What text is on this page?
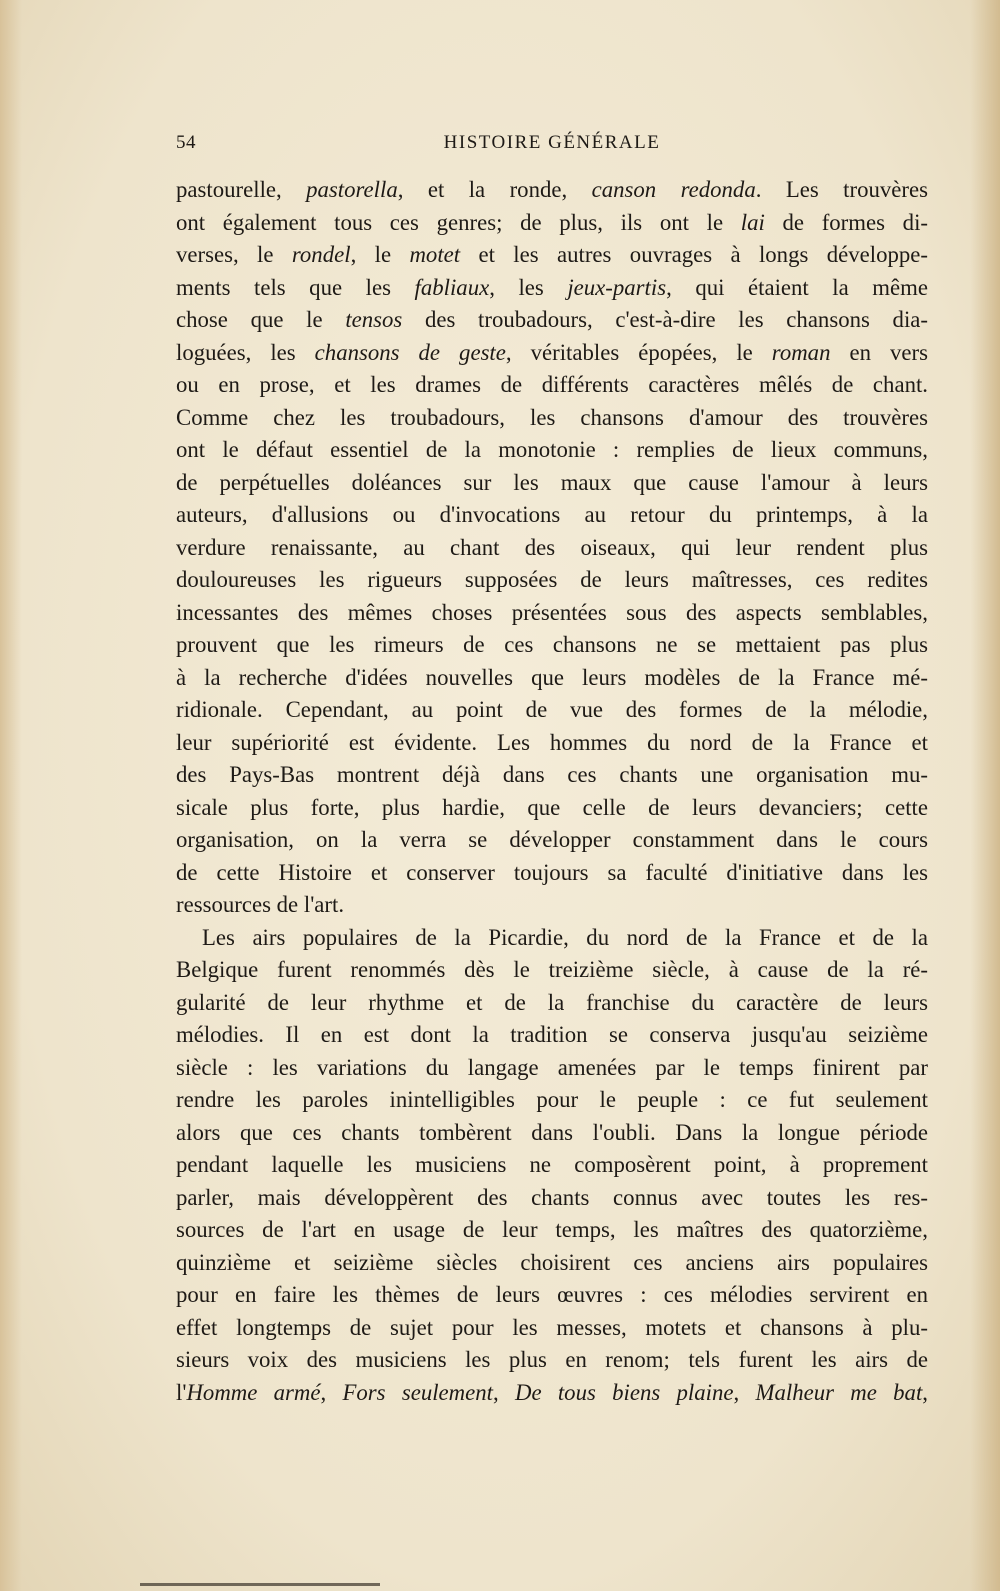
54	HISTOIRE GÉNÉRALE
pastourelle, pastorella, et la ronde, canson redonda. Les trouvères
ont également tous ces genres; de plus, ils ont le lai de formes di-
verses, le rondel, le motet et les autres ouvrages à longs développe-
ments tels que les fabliaux, les jeux-partis, qui étaient la même
chose que le tensos des troubadours, c'est-à-dire les chansons dia-
loguées, les chansons de geste, véritables épopées, le roman en vers
ou en prose, et les drames de différents caractères mêlés de chant.
Comme chez les troubadours, les chansons d'amour des trouvères
ont le défaut essentiel de la monotonie : remplies de lieux communs,
de perpétuelles doléances sur les maux que cause l'amour à leurs
auteurs, d'allusions ou d'invocations au retour du printemps, à la
verdure renaissante, au chant des oiseaux, qui leur rendent plus
douloureuses les rigueurs supposées de leurs maîtresses, ces redites
incessantes des mêmes choses présentées sous des aspects semblables,
prouvent que les rimeurs de ces chansons ne se mettaient pas plus
à la recherche d'idées nouvelles que leurs modèles de la France mé-
ridionale. Cependant, au point de vue des formes de la mélodie,
leur supériorité est évidente. Les hommes du nord de la France et
des Pays-Bas montrent déjà dans ces chants une organisation mu-
sicale plus forte, plus hardie, que celle de leurs devanciers; cette
organisation, on la verra se développer constamment dans le cours
de cette Histoire et conserver toujours sa faculté d'initiative dans les
ressources de l'art.
Les airs populaires de la Picardie, du nord de la France et de la
Belgique furent renommés dès le treizième siècle, à cause de la ré-
gularité de leur rhythme et de la franchise du caractère de leurs
mélodies. Il en est dont la tradition se conserva jusqu'au seizième
siècle : les variations du langage amenées par le temps finirent par
rendre les paroles inintelligibles pour le peuple : ce fut seulement
alors que ces chants tombèrent dans l'oubli. Dans la longue période
pendant laquelle les musiciens ne composèrent point, à proprement
parler, mais développèrent des chants connus avec toutes les res-
sources de l'art en usage de leur temps, les maîtres des quatorzième,
quinzième et seizième siècles choisirent ces anciens airs populaires
pour en faire les thèmes de leurs œuvres : ces mélodies servirent en
effet longtemps de sujet pour les messes, motets et chansons à plu-
sieurs voix des musiciens les plus en renom; tels furent les airs de
l'Homme armé, Fors seulement, De tous biens plaine, Malheur me bat,
